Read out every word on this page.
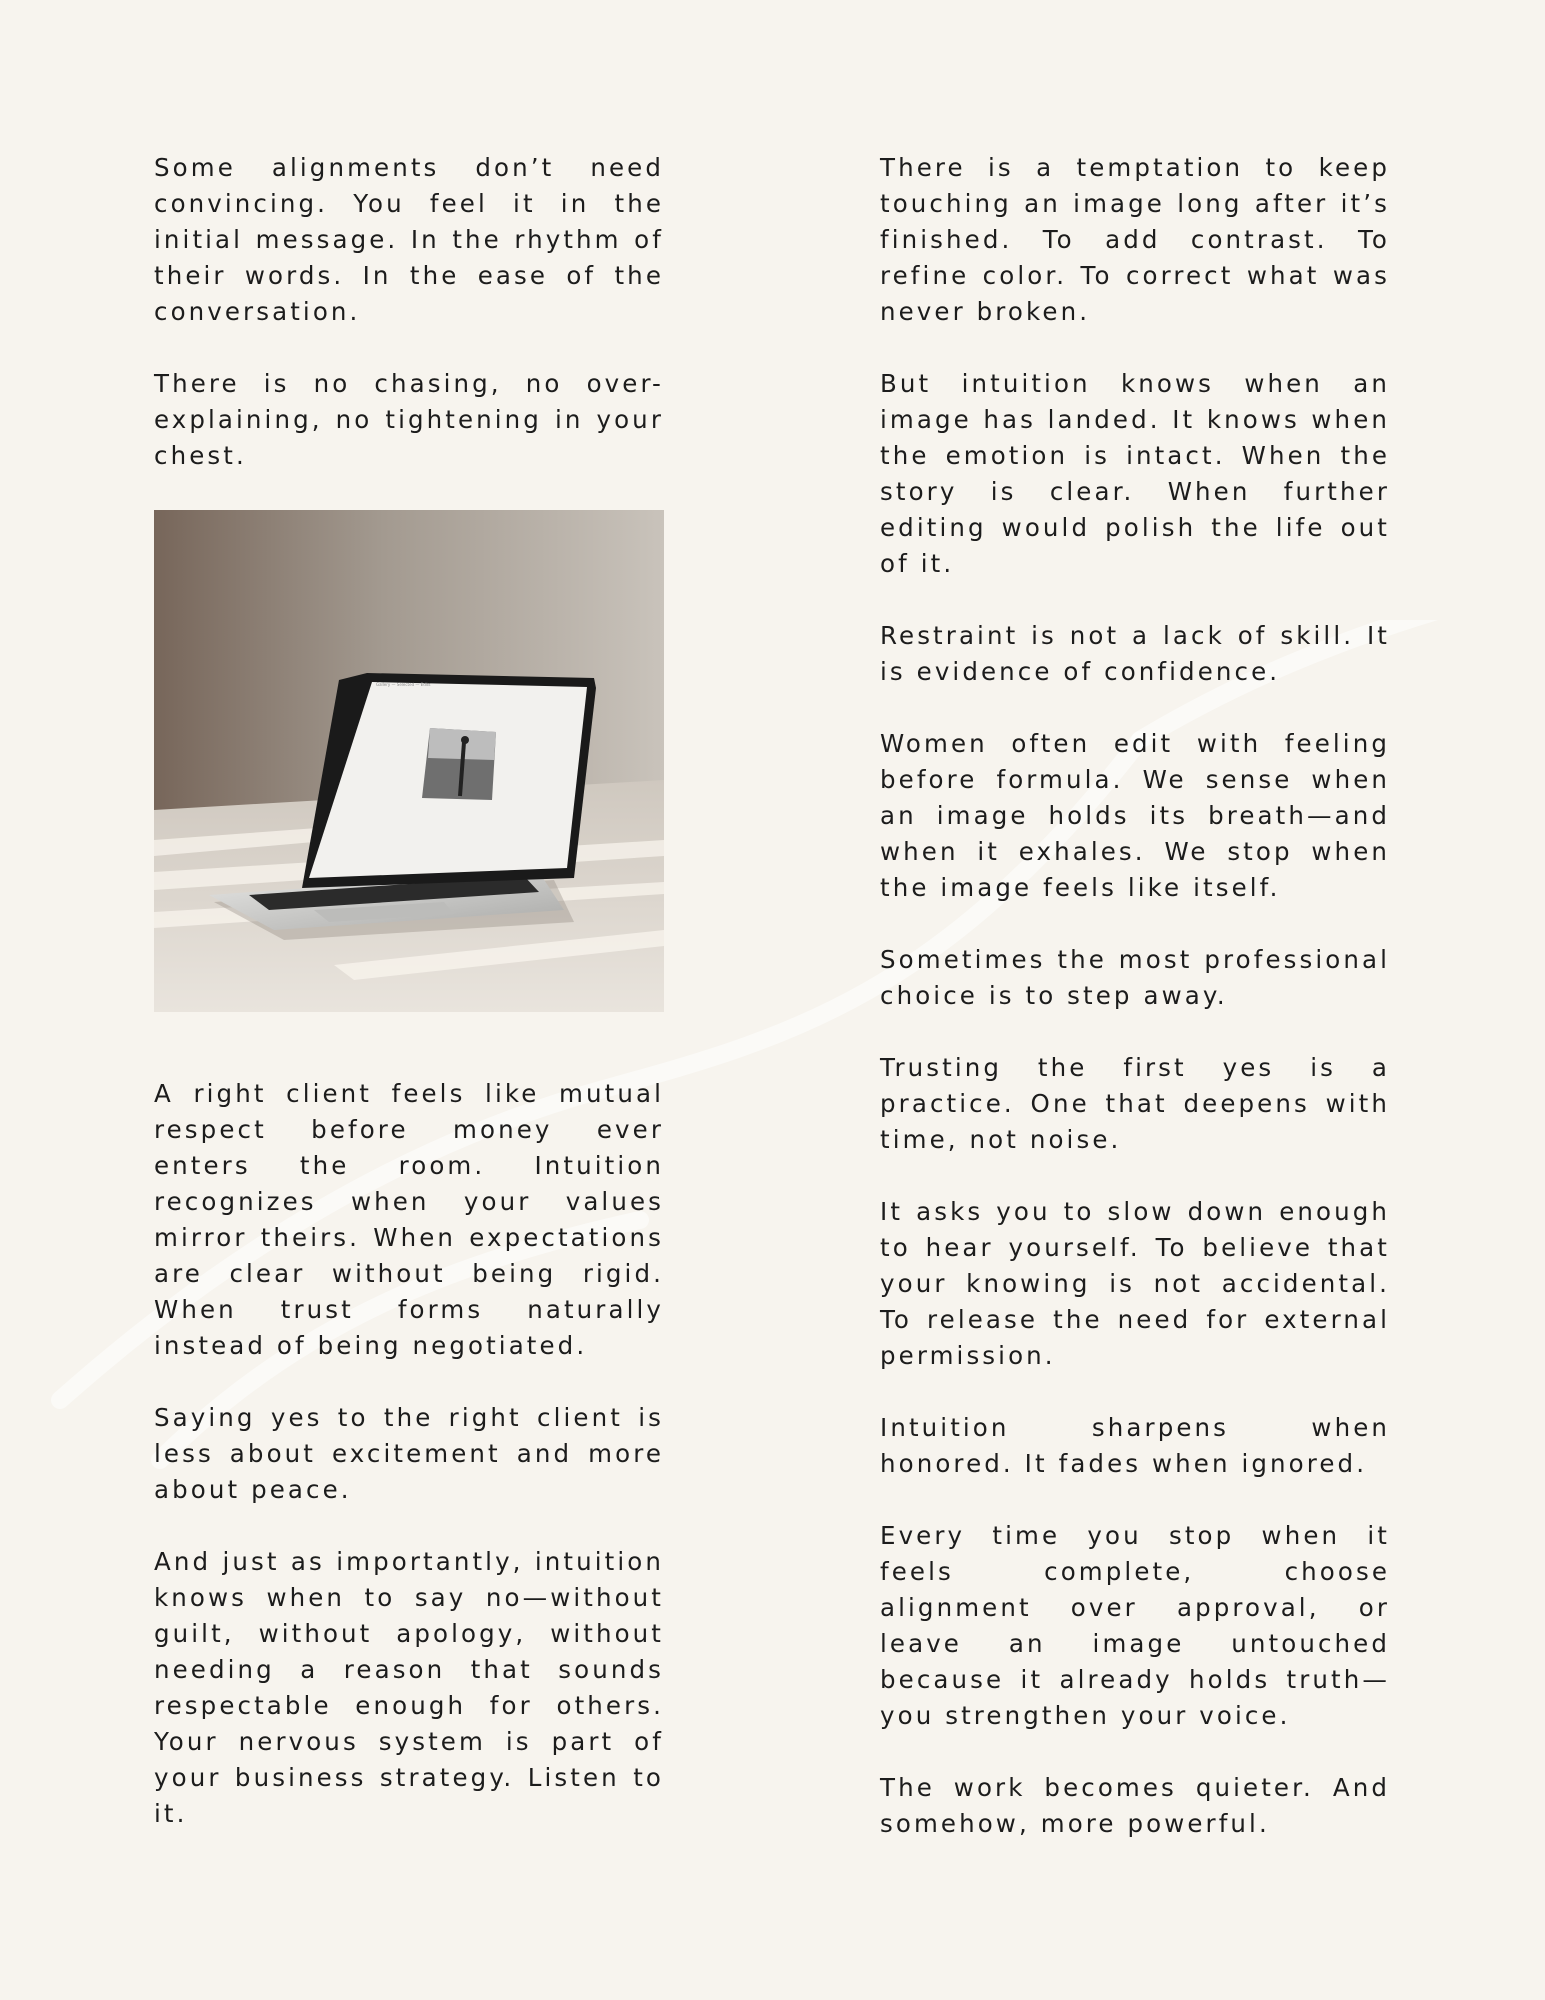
Some alignments don’t need convincing. You feel it in the initial message. In the rhythm of their words. In the ease of the conversation.

There is no chasing, no over-explaining, no tightening in your chest.

Gallery — Selected — Edits

A right client feels like mutual respect before money ever enters the room. Intuition recognizes when your values mirror theirs. When expectations are clear without being rigid. When trust forms naturally instead of being negotiated.

Saying yes to the right client is less about excitement and more about peace.

And just as importantly, intuition knows when to say no—without guilt, without apology, without needing a reason that sounds respectable enough for others. Your nervous system is part of your business strategy. Listen to it.

There is a temptation to keep touching an image long after it’s finished. To add contrast. To refine color. To correct what was never broken.

But intuition knows when an image has landed. It knows when the emotion is intact. When the story is clear. When further editing would polish the life out of it.

Restraint is not a lack of skill. It is evidence of confidence.

Women often edit with feeling before formula. We sense when an image holds its breath—and when it exhales. We stop when the image feels like itself.

Sometimes the most professional choice is to step away.

Trusting the first yes is a practice. One that deepens with time, not noise.

It asks you to slow down enough to hear yourself. To believe that your knowing is not accidental. To release the need for external permission.

Intuition sharpens when honored. It fades when ignored.

Every time you stop when it feels complete, choose alignment over approval, or leave an image untouched because it already holds truth—you strengthen your voice.

The work becomes quieter. And somehow, more powerful.
